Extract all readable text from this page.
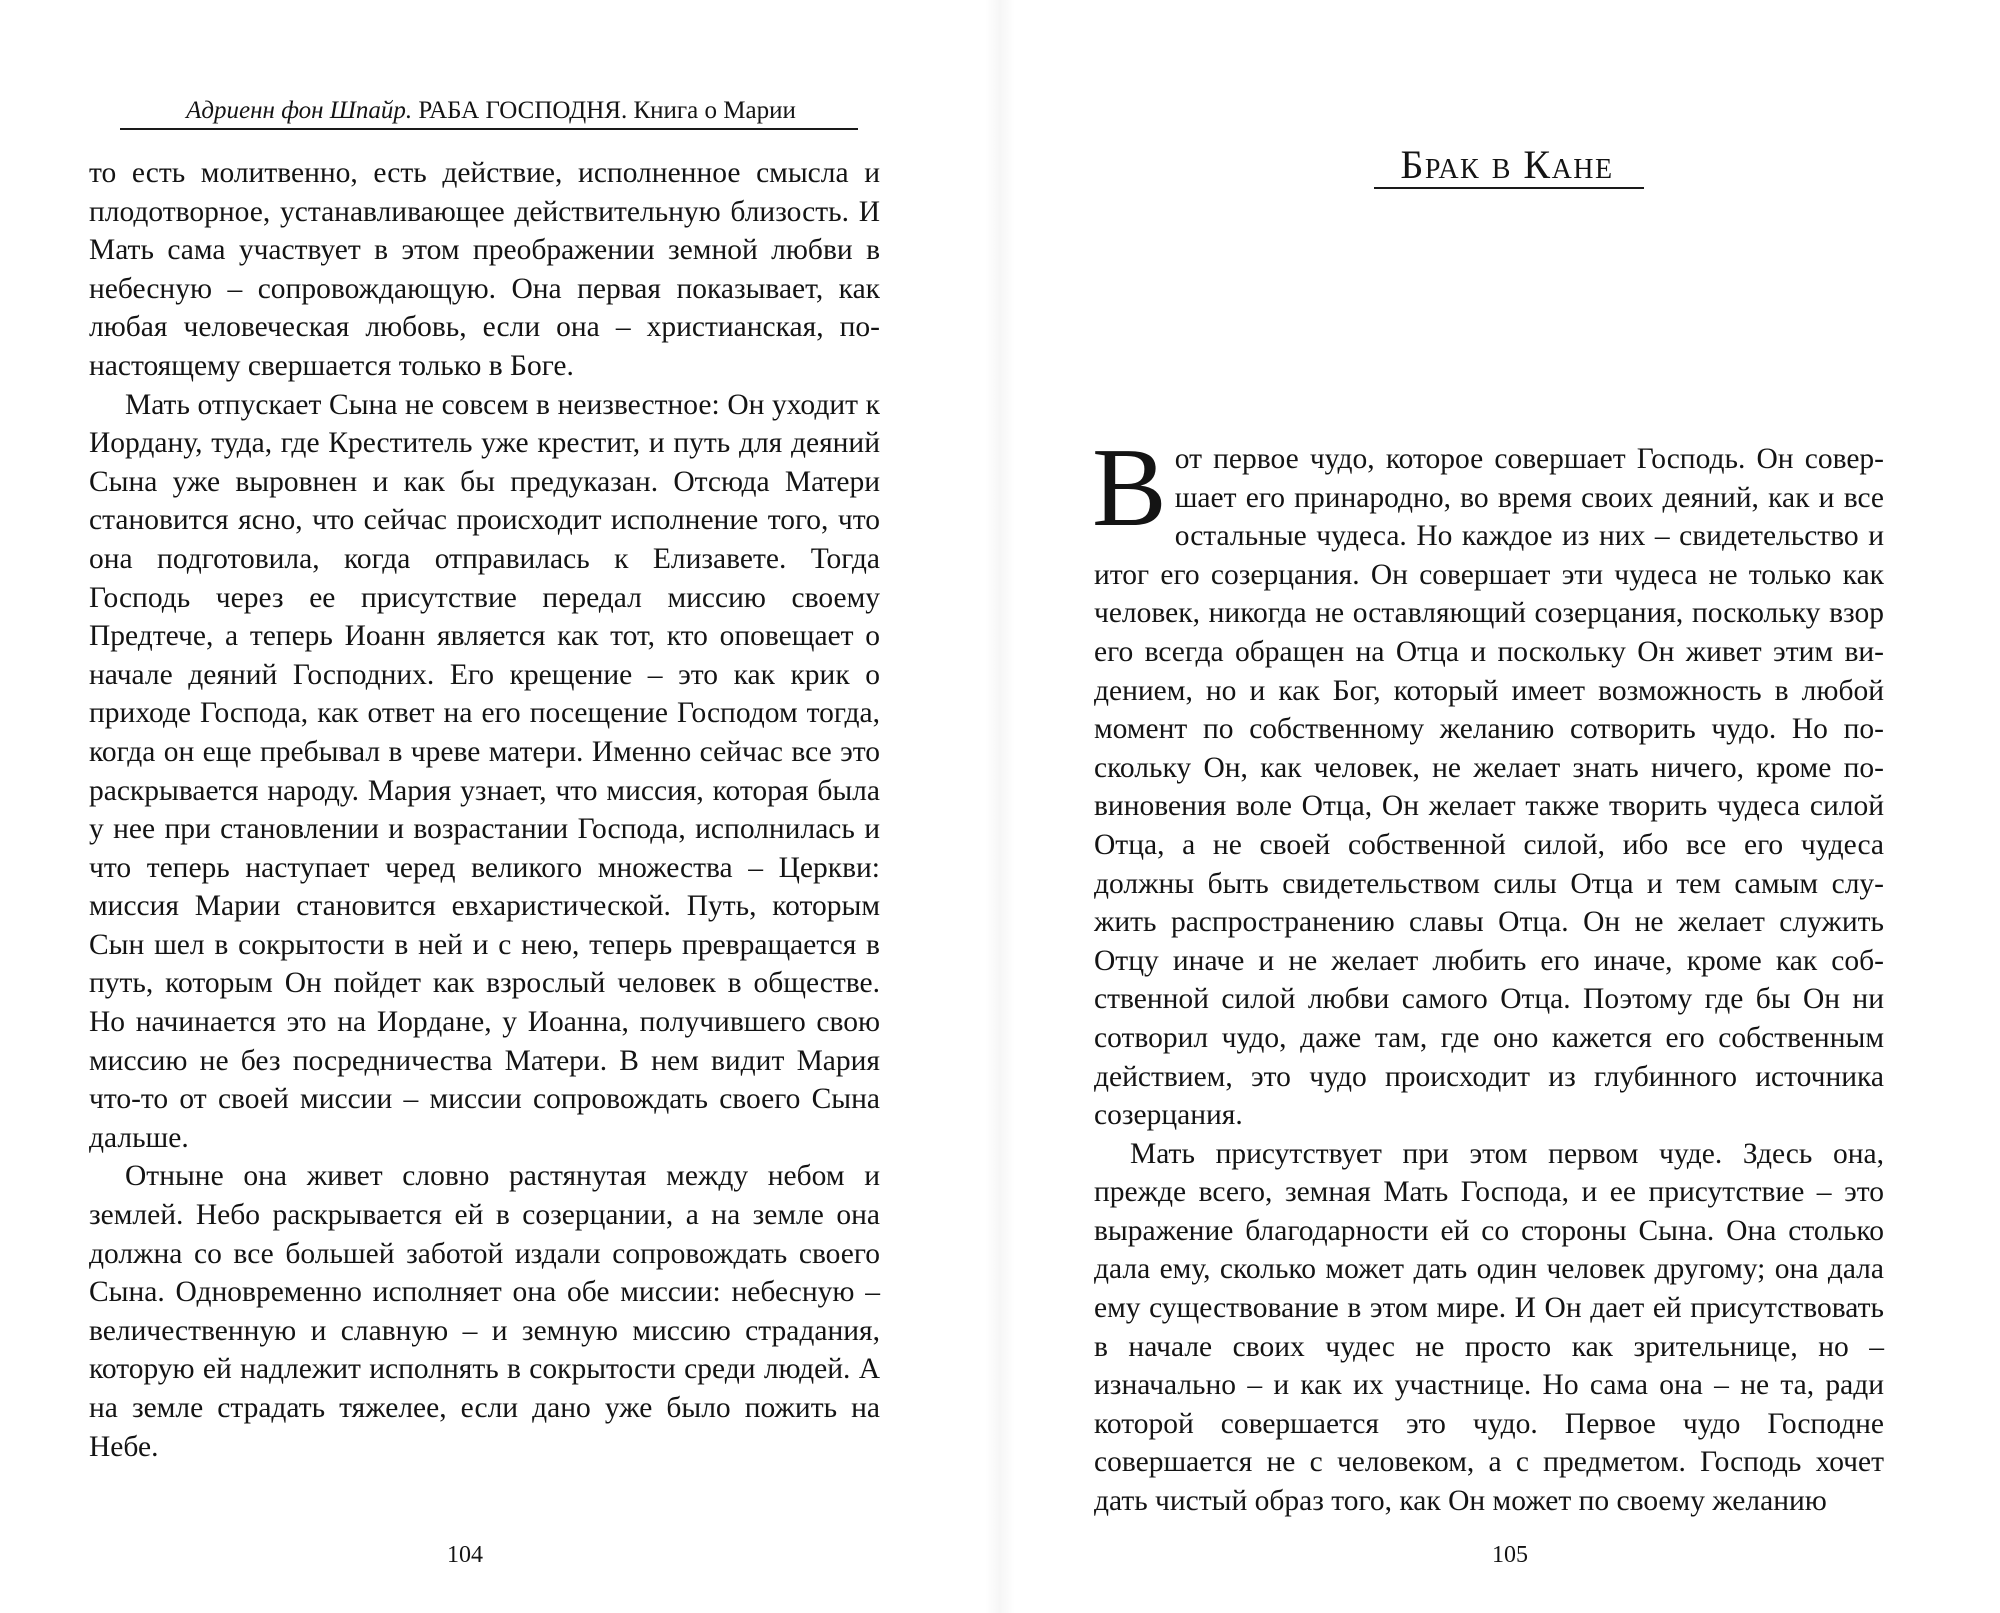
Адриенн фон Шпайр. РАБА ГОСПОДНЯ. Книга о Марии

то есть молитвенно, есть действие, исполненное смысла и плодотворное, устанавливающее действительную близость. И Мать сама участвует в этом преображении земной любви в небесную – сопровождающую. Она первая показывает, как любая человеческая любовь, если она – христианская, понастоящему свершается только в Боге.

Мать отпускает Сына не совсем в неизвестное: Он уходит к Иордану, туда, где Креститель уже крестит, и путь для деяний Сына уже выровнен и как бы предуказан. Отсюда Матери становится ясно, что сейчас происходит исполнение того, что она подготовила, когда отправилась к Елизавете. Тогда Господь через ее присутствие передал миссию своему Предтече, а теперь Иоанн является как тот, кто оповещает о начале деяний Господних. Его крещение – это как крик о приходе Господа, как ответ на его посещение Господом тогда, когда он еще пребывал в чреве матери. Именно сейчас все это раскрывается народу. Мария узнает, что миссия, которая была у нее при становлении и возрастании Господа, исполнилась и что теперь наступает черед великого множества – Церкви: миссия Марии становится евхаристической. Путь, которым Сын шел в сокрытости в ней и с нею, теперь превращается в путь, которым Он пойдет как взрослый человек в обществе. Но начинается это на Иордане, у Иоанна, получившего свою миссию не без посредничества Матери. В нем видит Мария что-то от своей миссии – миссии сопровождать своего Сына дальше.

Отныне она живет словно растянутая между небом и землей. Небо раскрывается ей в созерцании, а на земле она должна со все большей заботой издали сопровождать своего Сына. Одновременно исполняет она обе миссии: небесную – величественную и славную – и земную миссию страдания, которую ей надлежит исполнять в сокрытости среди людей. А на земле страдать тяжелее, если дано уже было пожить на Небе.

104
Брак в Кане

Вот первое чудо, которое совершает Господь. Он совершает его принародно, во время своих деяний, как и все остальные чудеса. Но каждое из них – свидетельство и итог его созерцания. Он совершает эти чудеса не только как человек, никогда не оставляющий созерцания, поскольку взор его всегда обращен на Отца и поскольку Он живет этим видением, но и как Бог, который имеет возможность в любой момент по собственному желанию сотворить чудо. Но поскольку Он, как человек, не желает знать ничего, кроме повиновения воле Отца, Он желает также творить чудеса силой Отца, а не своей собственной силой, ибо все его чудеса должны быть свидетельством силы Отца и тем самым служить распространению славы Отца. Он не желает служить Отцу иначе и не желает любить его иначе, кроме как собственной силой любви самого Отца. Поэтому где бы Он ни сотворил чудо, даже там, где оно кажется его собственным действием, это чудо происходит из глубинного источника созерцания.

Мать присутствует при этом первом чуде. Здесь она, прежде всего, земная Мать Господа, и ее присутствие – это выражение благодарности ей со стороны Сына. Она столько дала ему, сколько может дать один человек другому; она дала ему существование в этом мире. И Он дает ей присутствовать в начале своих чудес не просто как зрительнице, но – изначально – и как их участнице. Но сама она – не та, ради которой совершается это чудо. Первое чудо Господне совершается не с человеком, а с предметом. Господь хочет дать чистый образ того, как Он может по своему желанию

105
